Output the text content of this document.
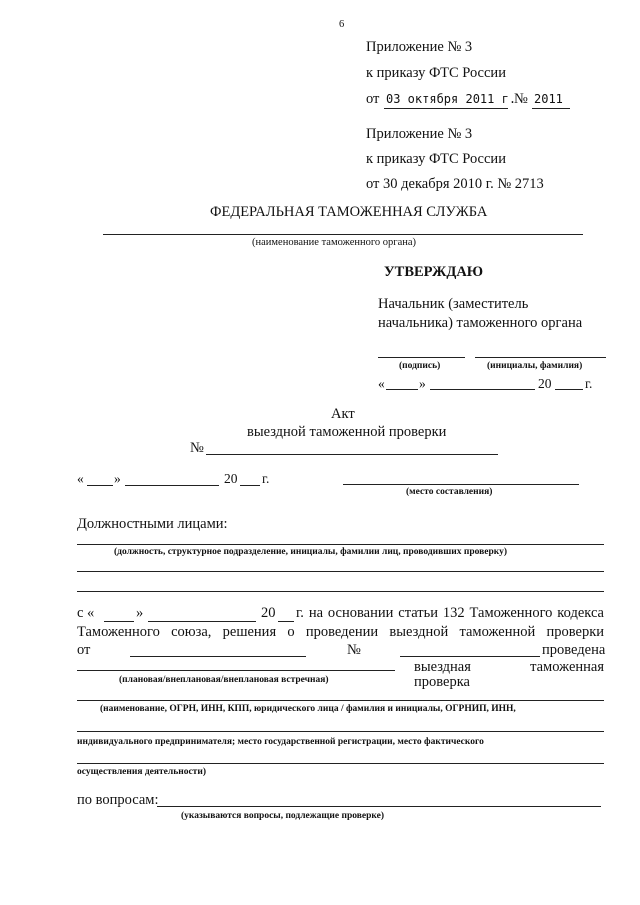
6
Приложение № 3
к приказу ФТС России
от 03 октября 2011 г.
№ 2011
Приложение № 3
к приказу ФТС России
от 30 декабря 2010 г. № 2713
ФЕДЕРАЛЬНАЯ ТАМОЖЕННАЯ СЛУЖБА
(наименование таможенного органа)
УТВЕРЖДАЮ
Начальник (заместитель
начальника) таможенного органа
(подпись)	(инициалы, фамилия)
«	»	20 г.
Акт
выездной таможенной проверки
№
« »	20 г.
(место составления)
Должностными лицами:
(должность, структурное подразделение, инициалы, фамилии лиц, проводивших проверку)
с «	»	20 г. на основании статьи 132 Таможенного кодекса
Таможенного союза, решения о проведении выездной таможенной проверки
от	№	проведена
выездная таможенная проверка
(плановая/внеплановая/внеплановая встречная)
(наименование, ОГРН, ИНН, КПП, юридического лица / фамилия и инициалы, ОГРНИП, ИНН,
индивидуального предпринимателя; место государственной регистрации, место фактического
осуществления деятельности)
по вопросам:
(указываются вопросы, подлежащие проверке)
